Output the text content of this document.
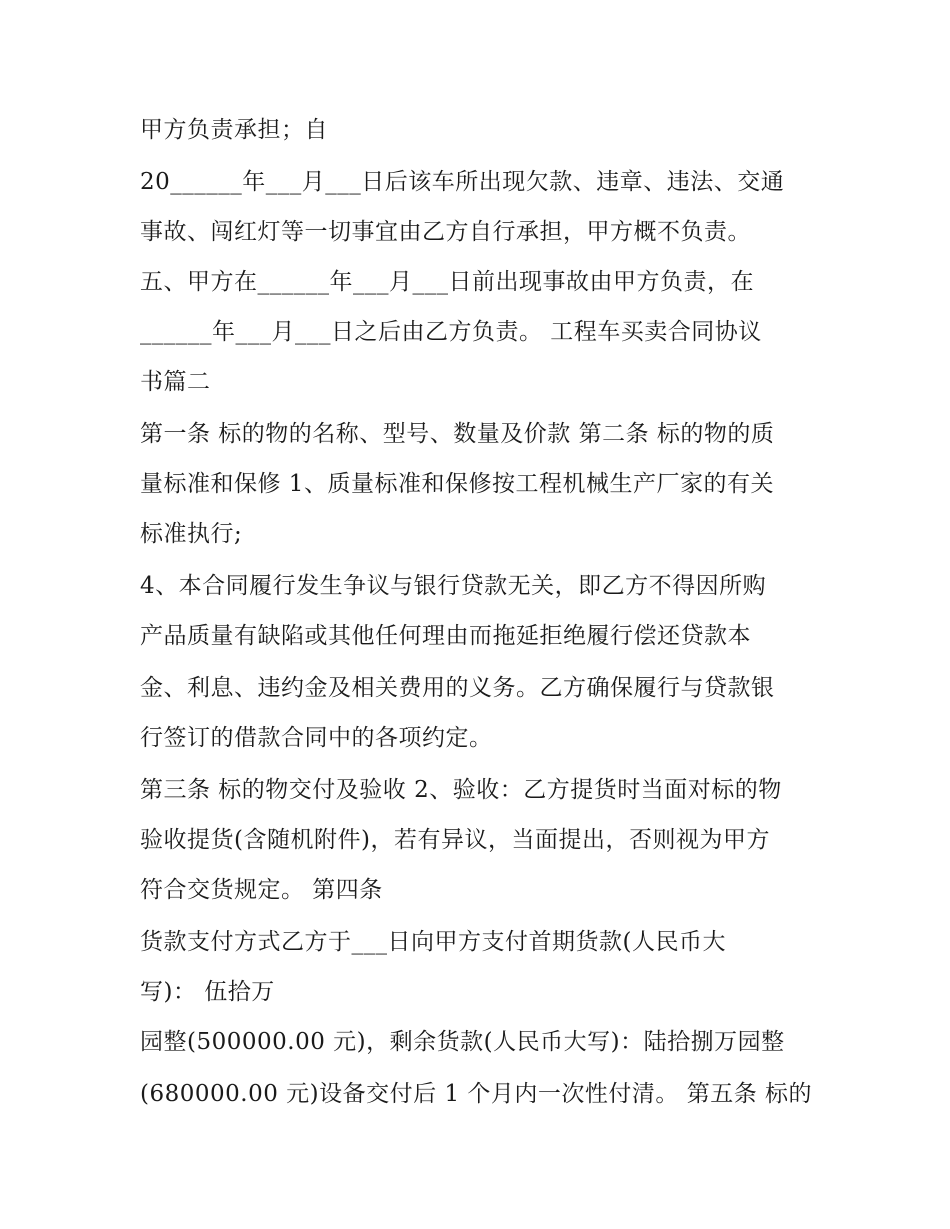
甲方负责承担；自
20______年___月___日后该车所出现欠款、违章、违法、交通
事故、闯红灯等一切事宜由乙方自行承担，甲方概不负责。
五、甲方在______年___月___日前出现事故由甲方负责，在
______年___月___日之后由乙方负责。 工程车买卖合同协议
书篇二
第一条 标的物的名称、型号、数量及价款 第二条 标的物的质
量标准和保修 1、质量标准和保修按工程机械生产厂家的有关
标准执行;
4、本合同履行发生争议与银行贷款无关，即乙方不得因所购
产品质量有缺陷或其他任何理由而拖延拒绝履行偿还贷款本
金、利息、违约金及相关费用的义务。乙方确保履行与贷款银
行签订的借款合同中的各项约定。
第三条 标的物交付及验收 2、验收：乙方提货时当面对标的物
验收提货(含随机附件)，若有异议，当面提出，否则视为甲方
符合交货规定。 第四条
货款支付方式乙方于___日向甲方支付首期货款(人民币大
写)： 伍拾万
园整(500000.00 元)，剩余货款(人民币大写)：陆拾捌万园整
(680000.00 元)设备交付后 1 个月内一次性付清。 第五条 标的
